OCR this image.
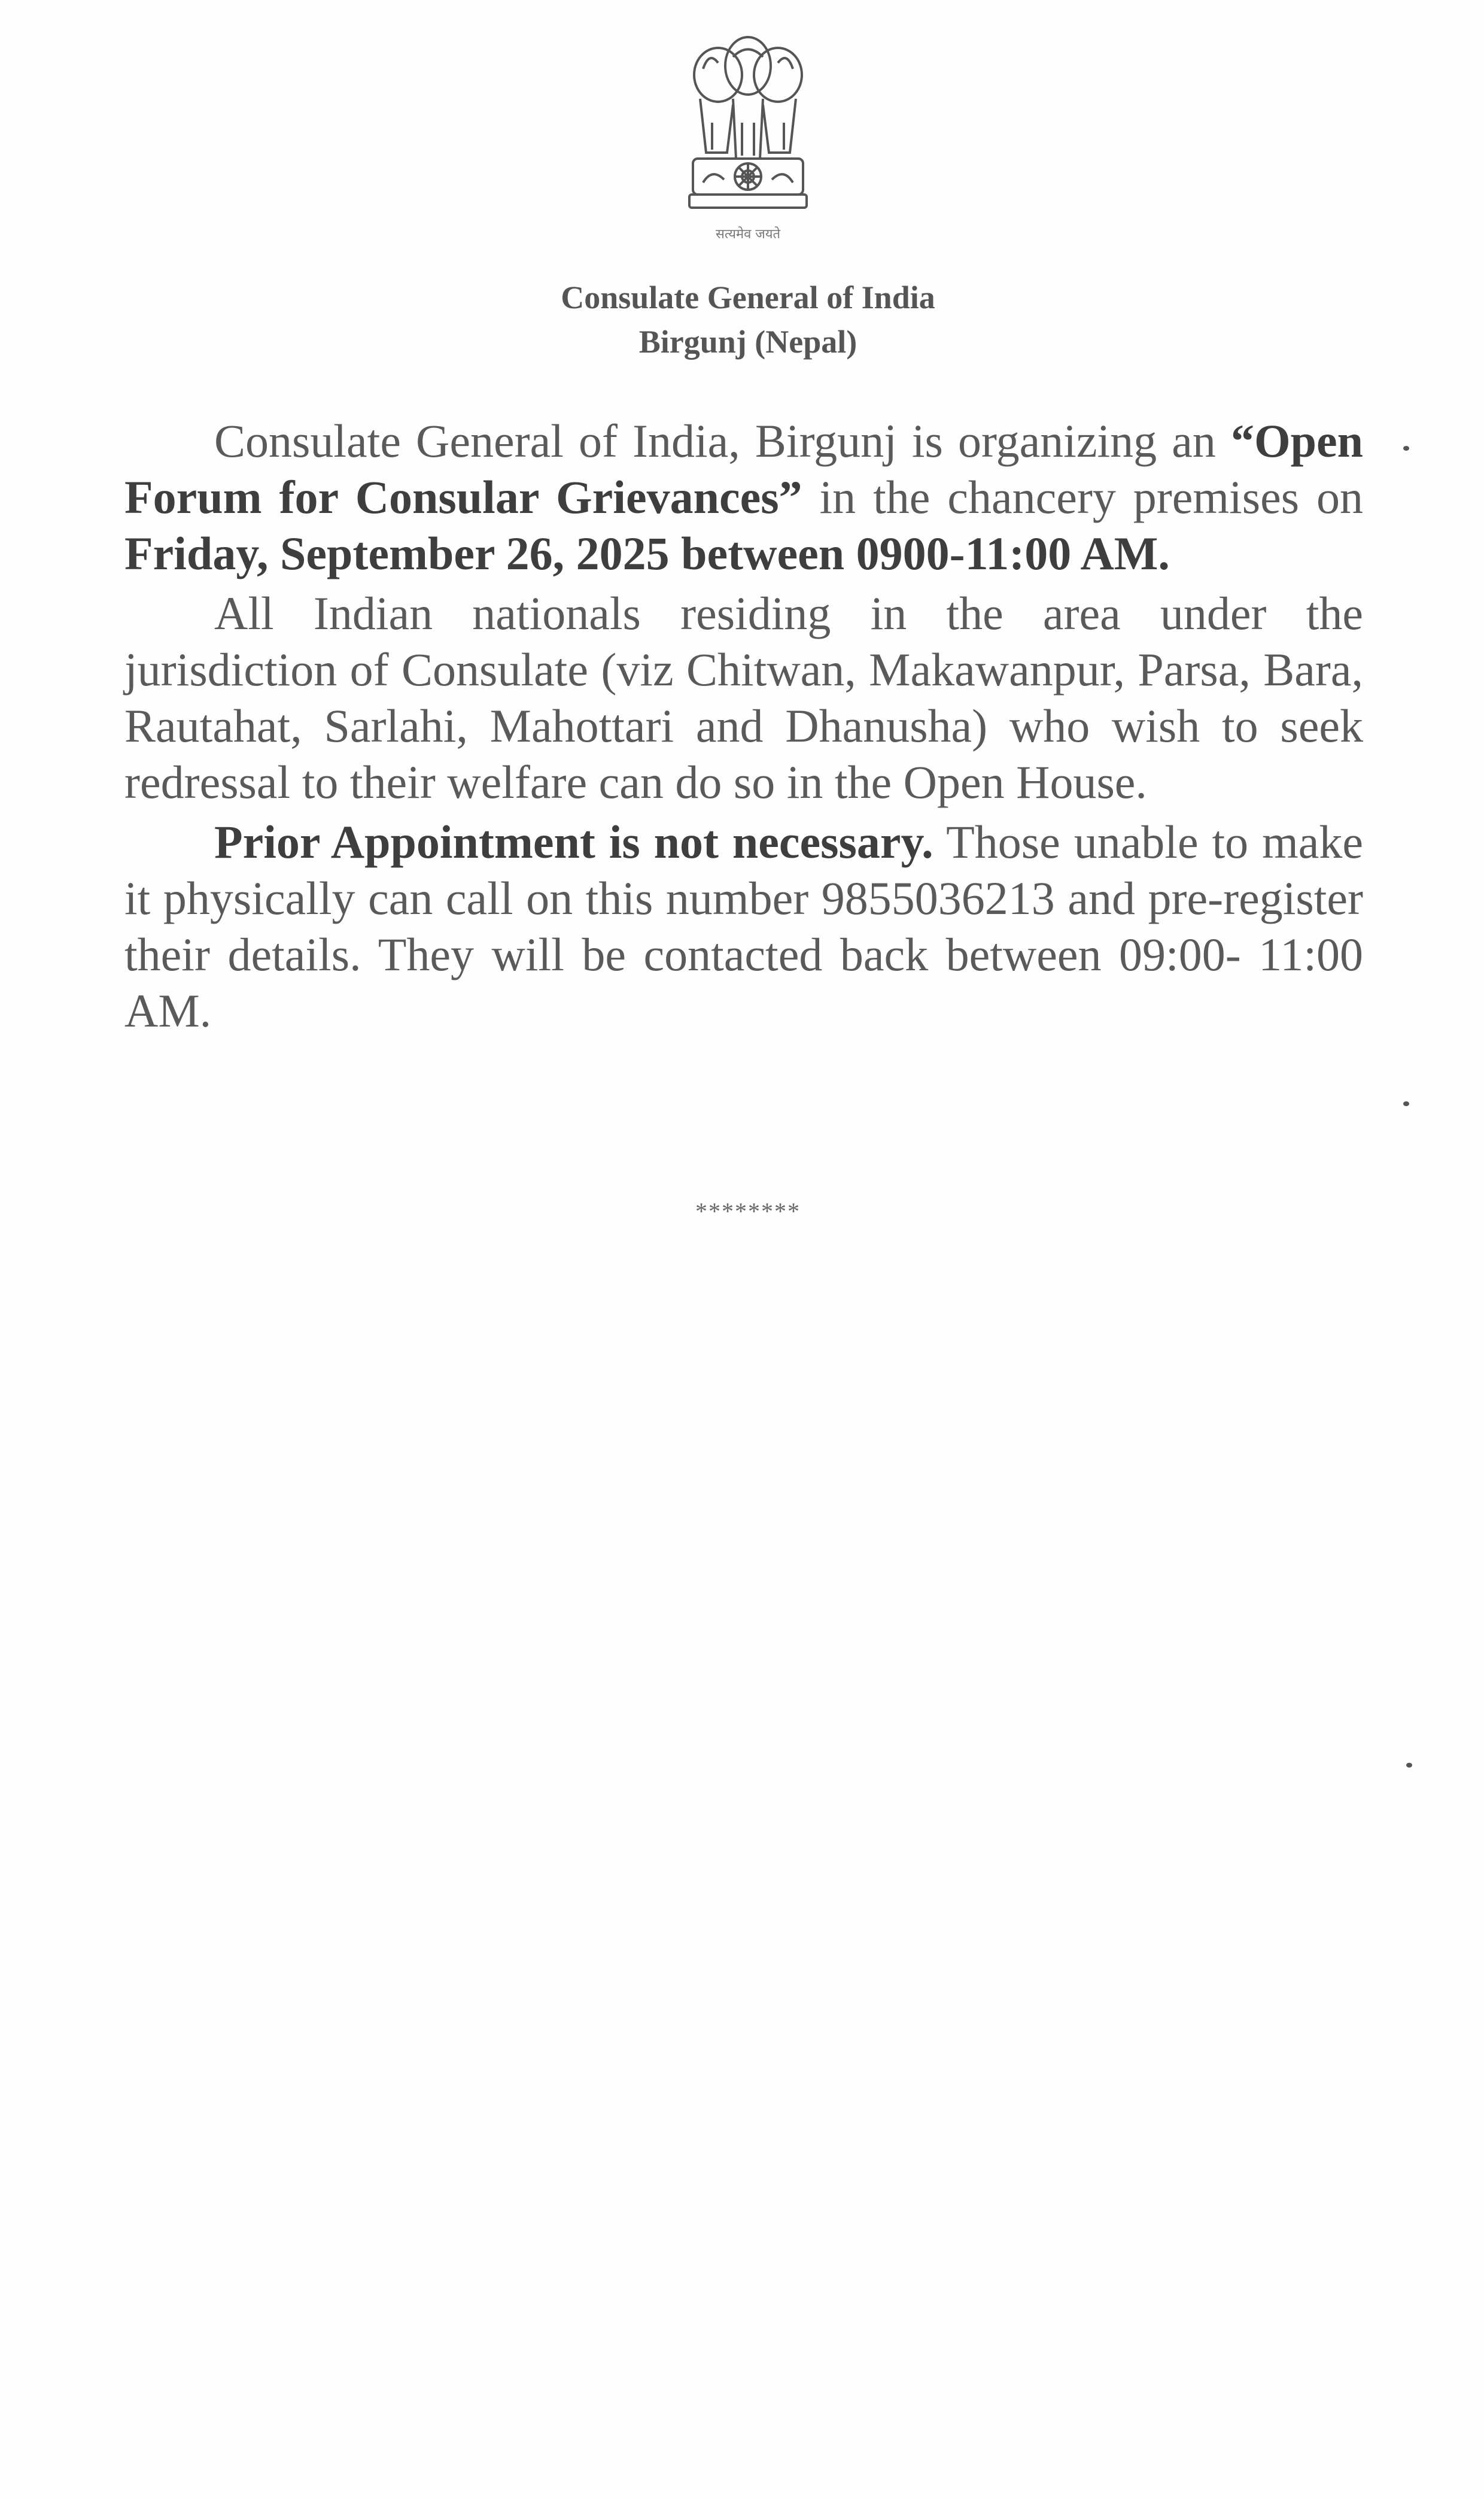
सत्यमेव जयते
Consulate General of India
Birgunj (Nepal)

Consulate General of India, Birgunj is organizing an “Open Forum for Consular Grievances” in the chancery premises on Friday, September 26, 2025 between 0900-11:00 AM.

All Indian nationals residing in the area under the jurisdiction of Consulate (viz Chitwan, Makawanpur, Parsa, Bara, Rautahat, Sarlahi, Mahottari and Dhanusha) who wish to seek redressal to their welfare can do so in the Open House.

Prior Appointment is not necessary. Those unable to make it physically can call on this number 9855036213 and pre-register their details. They will be contacted back between 09:00- 11:00 AM.

********
